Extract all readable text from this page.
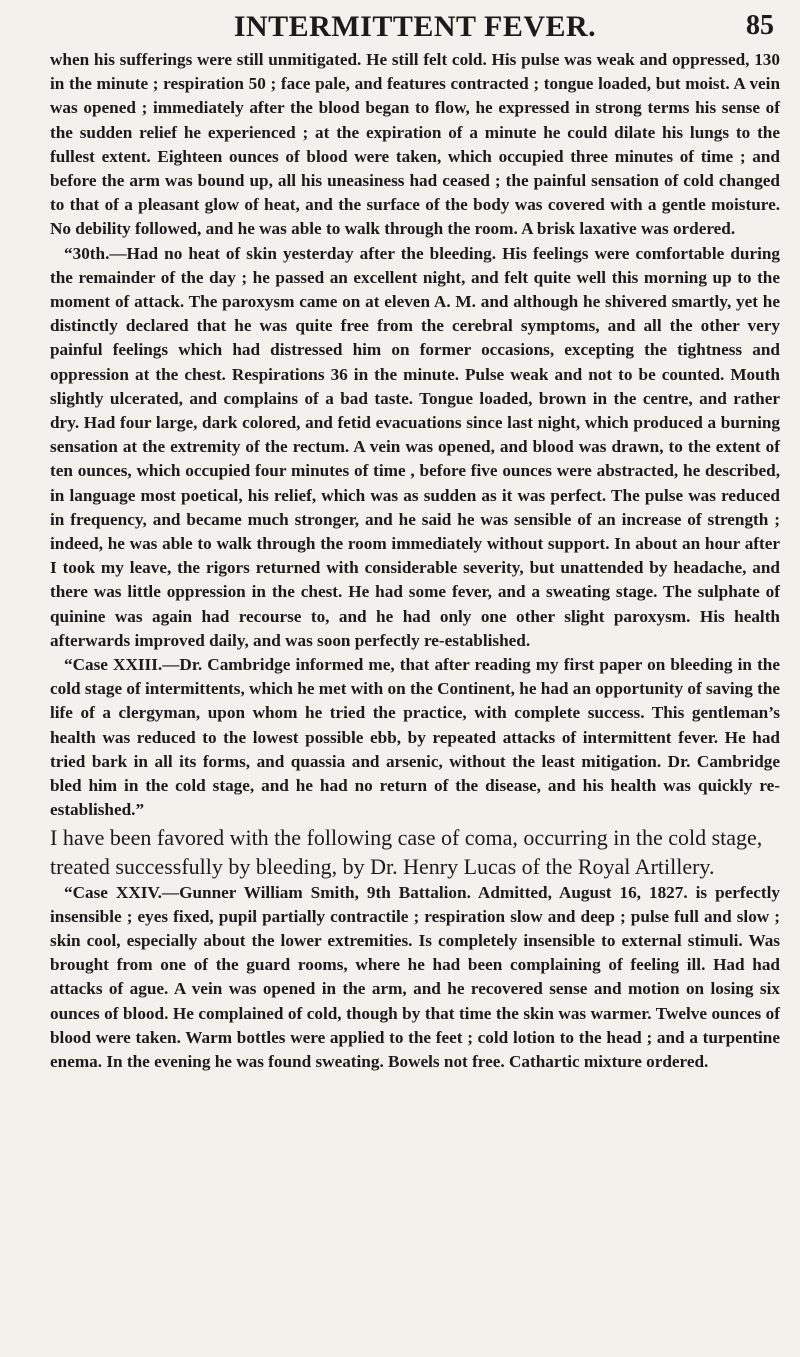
INTERMITTENT FEVER.	85

when his sufferings were still unmitigated. He still felt cold. His pulse was weak and oppressed, 130 in the minute ; respiration 50 ; face pale, and features contracted ; tongue loaded, but moist. A vein was opened ; immediately after the blood began to flow, he expressed in strong terms his sense of the sudden relief he experienced ; at the expiration of a minute he could dilate his lungs to the fullest extent. Eighteen ounces of blood were taken, which occupied three minutes of time ; and before the arm was bound up, all his uneasiness had ceased ; the painful sensation of cold changed to that of a pleasant glow of heat, and the surface of the body was covered with a gentle moisture. No debility followed, and he was able to walk through the room. A brisk laxative was ordered.

“30th.—Had no heat of skin yesterday after the bleeding. His feelings were comfortable during the remainder of the day ; he passed an excellent night, and felt quite well this morning up to the moment of attack. The paroxysm came on at eleven A. M. and although he shivered smartly, yet he distinctly declared that he was quite free from the cerebral symptoms, and all the other very painful feelings which had distressed him on former occasions, excepting the tightness and oppression at the chest. Respirations 36 in the minute. Pulse weak and not to be counted. Mouth slightly ulcerated, and complains of a bad taste. Tongue loaded, brown in the centre, and rather dry. Had four large, dark colored, and fetid evacuations since last night, which produced a burning sensation at the extremity of the rectum. A vein was opened, and blood was drawn, to the extent of ten ounces, which occupied four minutes of time , before five ounces were abstracted, he described, in language most poetical, his relief, which was as sudden as it was perfect. The pulse was reduced in frequency, and became much stronger, and he said he was sensible of an increase of strength ; indeed, he was able to walk through the room immediately without support. In about an hour after I took my leave, the rigors returned with considerable severity, but unattended by headache, and there was little oppression in the chest. He had some fever, and a sweating stage. The sulphate of quinine was again had recourse to, and he had only one other slight paroxysm. His health afterwards improved daily, and was soon perfectly re-established.

“Case XXIII.—Dr. Cambridge informed me, that after reading my first paper on bleeding in the cold stage of intermittents, which he met with on the Continent, he had an opportunity of saving the life of a clergyman, upon whom he tried the practice, with complete success. This gentleman’s health was reduced to the lowest possible ebb, by repeated attacks of intermittent fever. He had tried bark in all its forms, and quassia and arsenic, without the least mitigation. Dr. Cambridge bled him in the cold stage, and he had no return of the disease, and his health was quickly re-established.”

I have been favored with the following case of coma, occurring in the cold stage, treated successfully by bleeding, by Dr. Henry Lucas of the Royal Artillery.

“Case XXIV.—Gunner William Smith, 9th Battalion. Admitted, August 16, 1827. is perfectly insensible ; eyes fixed, pupil partially contractile ; respiration slow and deep ; pulse full and slow ; skin cool, especially about the lower extremities. Is completely insensible to external stimuli. Was brought from one of the guard rooms, where he had been complaining of feeling ill. Had had attacks of ague. A vein was opened in the arm, and he recovered sense and motion on losing six ounces of blood. He complained of cold, though by that time the skin was warmer. Twelve ounces of blood were taken. Warm bottles were applied to the feet ; cold lotion to the head ; and a turpentine enema. In the evening he was found sweating. Bowels not free. Cathartic mixture ordered.
